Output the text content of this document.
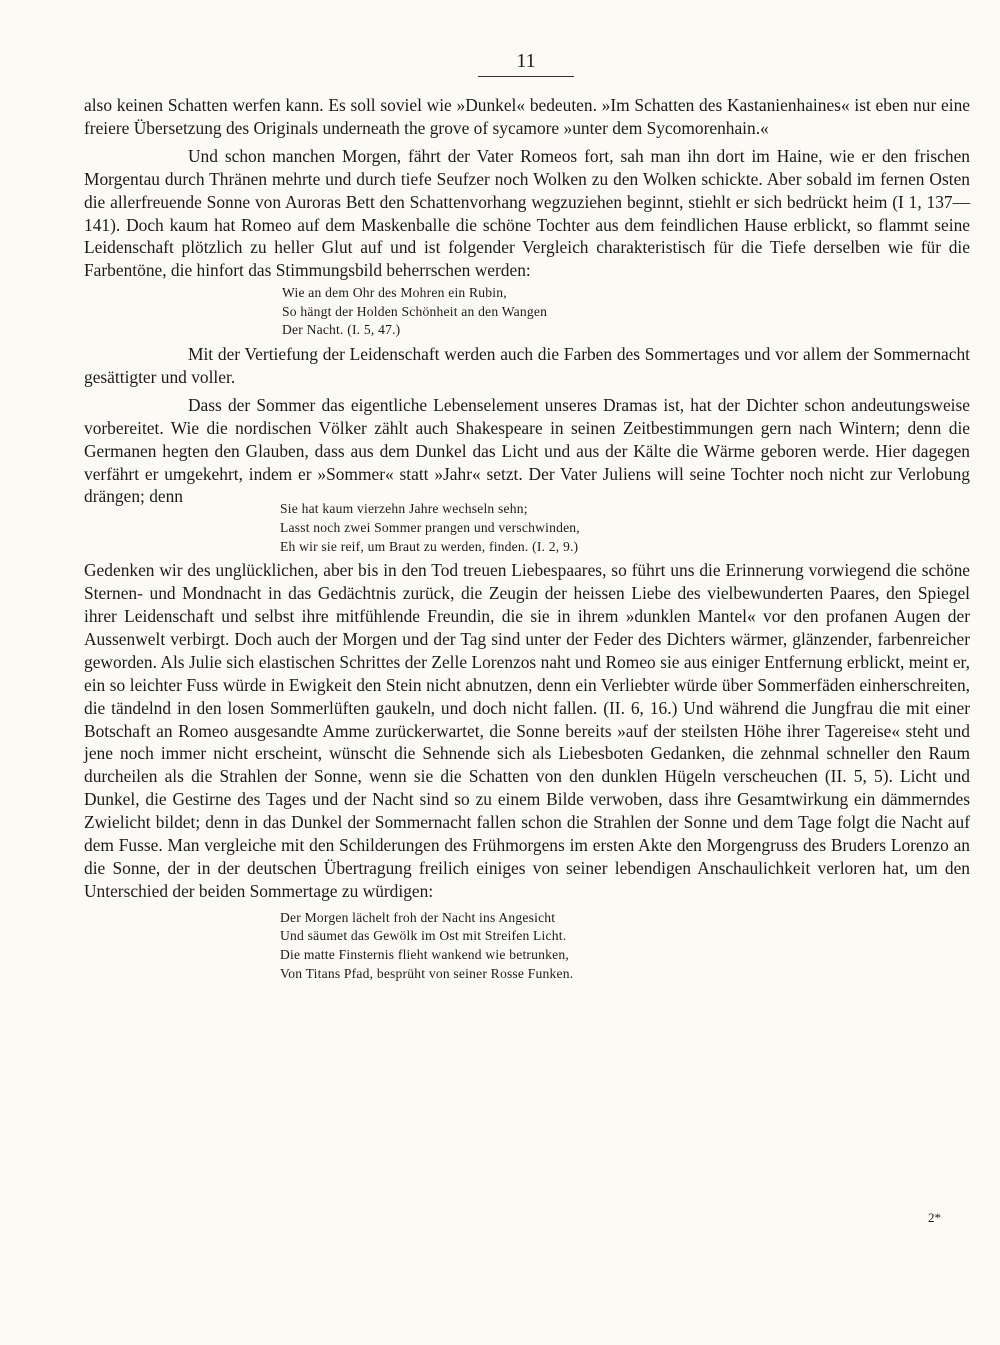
11

also keinen Schatten werfen kann. Es soll soviel wie »Dunkel« bedeuten. »Im Schatten des Kastanienhaines« ist eben nur eine freiere Übersetzung des Originals underneath the grove of sycamore »unter dem Sycomorenhain.«

Und schon manchen Morgen, fährt der Vater Romeos fort, sah man ihn dort im Haine, wie er den frischen Morgentau durch Thränen mehrte und durch tiefe Seufzer noch Wolken zu den Wolken schickte. Aber sobald im fernen Osten die allerfreuende Sonne von Auroras Bett den Schattenvorhang wegzuziehen beginnt, stiehlt er sich bedrückt heim (I 1, 137—141). Doch kaum hat Romeo auf dem Maskenballe die schöne Tochter aus dem feindlichen Hause erblickt, so flammt seine Leidenschaft plötzlich zu heller Glut auf und ist folgender Vergleich charakteristisch für die Tiefe derselben wie für die Farbentöne, die hinfort das Stimmungsbild beherrschen werden:

Wie an dem Ohr des Mohren ein Rubin,
So hängt der Holden Schönheit an den Wangen
Der Nacht. (I. 5, 47.)

Mit der Vertiefung der Leidenschaft werden auch die Farben des Sommertages und vor allem der Sommernacht gesättigter und voller.

Dass der Sommer das eigentliche Lebenselement unseres Dramas ist, hat der Dichter schon andeutungsweise vorbereitet. Wie die nordischen Völker zählt auch Shakespeare in seinen Zeitbestimmungen gern nach Wintern; denn die Germanen hegten den Glauben, dass aus dem Dunkel das Licht und aus der Kälte die Wärme geboren werde. Hier dagegen verfährt er umgekehrt, indem er »Sommer« statt »Jahr« setzt. Der Vater Juliens will seine Tochter noch nicht zur Verlobung drängen; denn

Sie hat kaum vierzehn Jahre wechseln sehn;
Lasst noch zwei Sommer prangen und verschwinden,
Eh wir sie reif, um Braut zu werden, finden. (I. 2, 9.)

Gedenken wir des unglücklichen, aber bis in den Tod treuen Liebespaares, so führt uns die Erinnerung vorwiegend die schöne Sternen- und Mondnacht in das Gedächtnis zurück, die Zeugin der heissen Liebe des vielbewunderten Paares, den Spiegel ihrer Leidenschaft und selbst ihre mitfühlende Freundin, die sie in ihrem »dunklen Mantel« vor den profanen Augen der Aussenwelt verbirgt. Doch auch der Morgen und der Tag sind unter der Feder des Dichters wärmer, glänzender, farbenreicher geworden. Als Julie sich elastischen Schrittes der Zelle Lorenzos naht und Romeo sie aus einiger Entfernung erblickt, meint er, ein so leichter Fuss würde in Ewigkeit den Stein nicht abnutzen, denn ein Verliebter würde über Sommerfäden einherschreiten, die tändelnd in den losen Sommerlüften gaukeln, und doch nicht fallen. (II. 6, 16.) Und während die Jungfrau die mit einer Botschaft an Romeo ausgesandte Amme zurückerwartet, die Sonne bereits »auf der steilsten Höhe ihrer Tagereise« steht und jene noch immer nicht erscheint, wünscht die Sehnende sich als Liebesboten Gedanken, die zehnmal schneller den Raum durcheilen als die Strahlen der Sonne, wenn sie die Schatten von den dunklen Hügeln verscheuchen (II. 5, 5). Licht und Dunkel, die Gestirne des Tages und der Nacht sind so zu einem Bilde verwoben, dass ihre Gesamtwirkung ein dämmerndes Zwielicht bildet; denn in das Dunkel der Sommernacht fallen schon die Strahlen der Sonne und dem Tage folgt die Nacht auf dem Fusse. Man vergleiche mit den Schilderungen des Frühmorgens im ersten Akte den Morgengruss des Bruders Lorenzo an die Sonne, der in der deutschen Übertragung freilich einiges von seiner lebendigen Anschaulichkeit verloren hat, um den Unterschied der beiden Sommertage zu würdigen:

Der Morgen lächelt froh der Nacht ins Angesicht
Und säumet das Gewölk im Ost mit Streifen Licht.
Die matte Finsternis flieht wankend wie betrunken,
Von Titans Pfad, besprüht von seiner Rosse Funken.
2*
